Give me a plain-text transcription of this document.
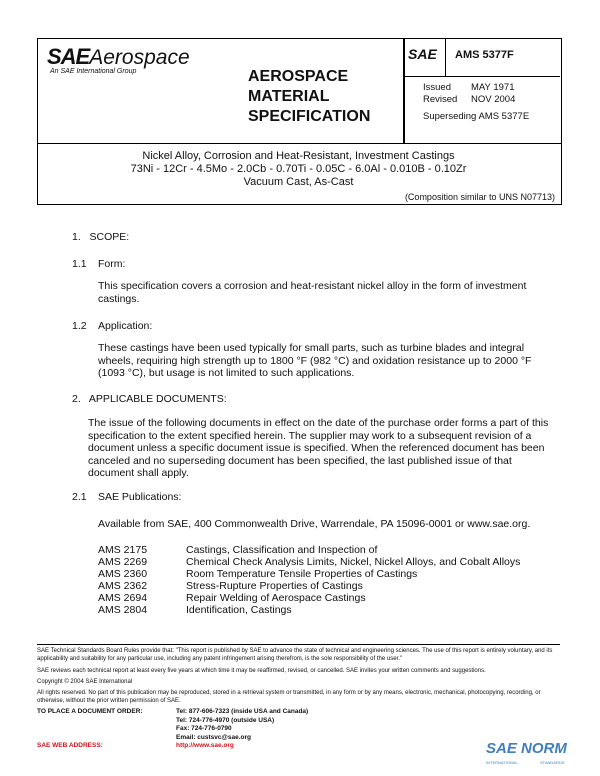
SAEAerospace
An SAE International Group	AEROSPACE
MATERIAL
SPECIFICATION
SAE AMS 5377F
Issued MAY 1971
Revised NOV 2004
Superseding AMS 5377E
Nickel Alloy, Corrosion and Heat-Resistant, Investment Castings
73Ni - 12Cr - 4.5Mo - 2.0Cb - 0.70Ti - 0.05C - 6.0Al - 0.010B - 0.10Zr
Vacuum Cast, As-Cast
(Composition similar to UNS N07713)
1.   SCOPE:
1.1 Form:
This specification covers a corrosion and heat-resistant nickel alloy in the form of investment castings.
1.2 Application:
These castings have been used typically for small parts, such as turbine blades and integral wheels, requiring high strength up to 1800 °F (982 °C) and oxidation resistance up to 2000 °F (1093 °C), but usage is not limited to such applications.
2.   APPLICABLE DOCUMENTS:
The issue of the following documents in effect on the date of the purchase order forms a part of this specification to the extent specified herein. The supplier may work to a subsequent revision of a document unless a specific document issue is specified. When the referenced document has been canceled and no superseding document has been specified, the last published issue of that document shall apply.
2.1 SAE Publications:
Available from SAE, 400 Commonwealth Drive, Warrendale, PA 15096-0001 or www.sae.org.
AMS 2175	Castings, Classification and Inspection of
AMS 2269	Chemical Check Analysis Limits, Nickel, Nickel Alloys, and Cobalt Alloys
AMS 2360	Room Temperature Tensile Properties of Castings
AMS 2362	Stress-Rupture Properties of Castings
AMS 2694	Repair Welding of Aerospace Castings
AMS 2804	Identification, Castings
SAE Technical Standards Board Rules provide that: "This report is published by SAE to advance the state of technical and engineering sciences. The use of this report is entirely voluntary, and its applicability and suitability for any particular use, including any patent infringement arising therefrom, is the sole responsibility of the user."
SAE reviews each technical report at least every five years at which time it may be reaffirmed, revised, or cancelled. SAE invites your written comments and suggestions.
Copyright © 2004 SAE International
All rights reserved. No part of this publication may be reproduced, stored in a retrieval system or transmitted, in any form or by any means, electronic, mechanical, photocopying, recording, or otherwise, without the prior written permission of SAE.
TO PLACE A DOCUMENT ORDER:	Tel: 877-606-7323 (inside USA and Canada)
Tel: 724-776-4970 (outside USA)
Fax: 724-776-0790
Email: custsvc@sae.org
SAE WEB ADDRESS:	http://www.sae.org	SAE NORM
INTERNATIONAL	STANDARDS
